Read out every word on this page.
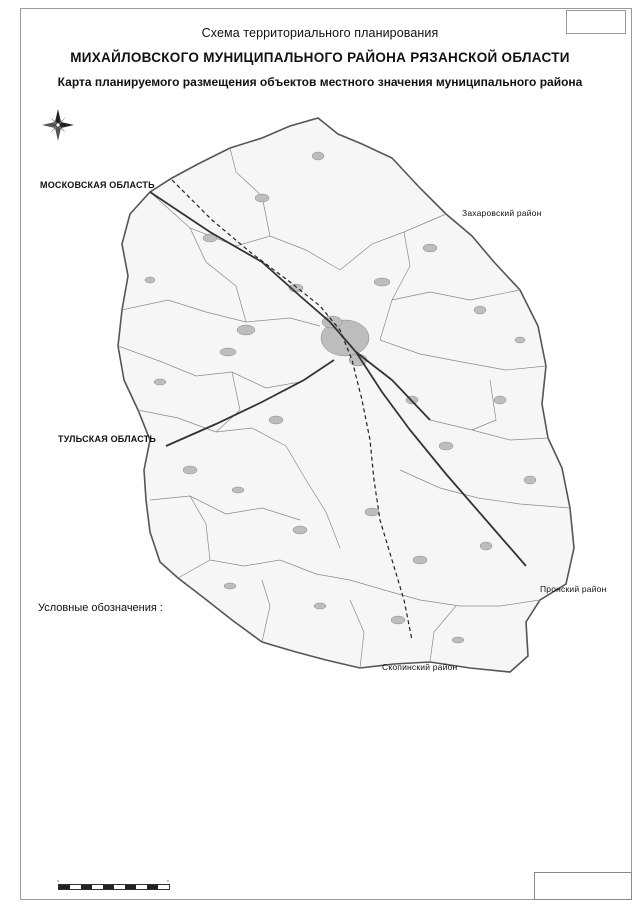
Схема территориального планирования
МИХАЙЛОВСКОГО МУНИЦИПАЛЬНОГО РАЙОНА РЯЗАНСКОЙ ОБЛАСТИ
Карта планируемого размещения объектов местного значения муниципального района
МОСКОВСКАЯ ОБЛАСТЬ
ТУЛЬСКАЯ ОБЛАСТЬ
Захаровский район
Пронский район
Скопинский район
Условные обозначения :
